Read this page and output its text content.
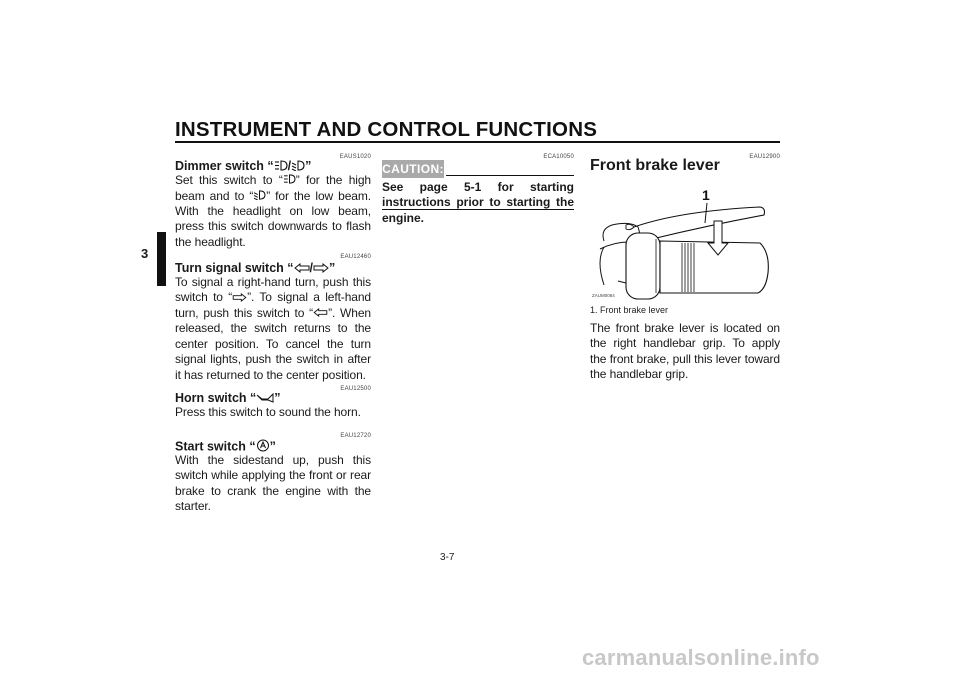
INSTRUMENT AND CONTROL FUNCTIONS
3
EAUS1020
Dimmer switch “ / ”
Set this switch to “ ” for the high beam and to “ ” for the low beam. With the headlight on low beam, press this switch downwards to flash the headlight.
EAU12460
Turn signal switch “ / ”
To signal a right-hand turn, push this switch to “ ”. To signal a left-hand turn, push this switch to “ ”. When released, the switch returns to the center position. To cancel the turn signal lights, push the switch in after it has returned to the center position.
EAU12500
Horn switch “ ”
Press this switch to sound the horn.
EAU12720
Start switch “ ”
With the sidestand up, push this switch while applying the front or rear brake to crank the engine with the starter.
ECA10050
CAUTION:
See page 5-1 for starting instructions prior to starting the engine.
EAU12900
Front brake lever
1
ZAUM0084
1. Front brake lever
The front brake lever is located on the right handlebar grip. To apply the front brake, pull this lever toward the handlebar grip.
3-7
carmanualsonline.info
